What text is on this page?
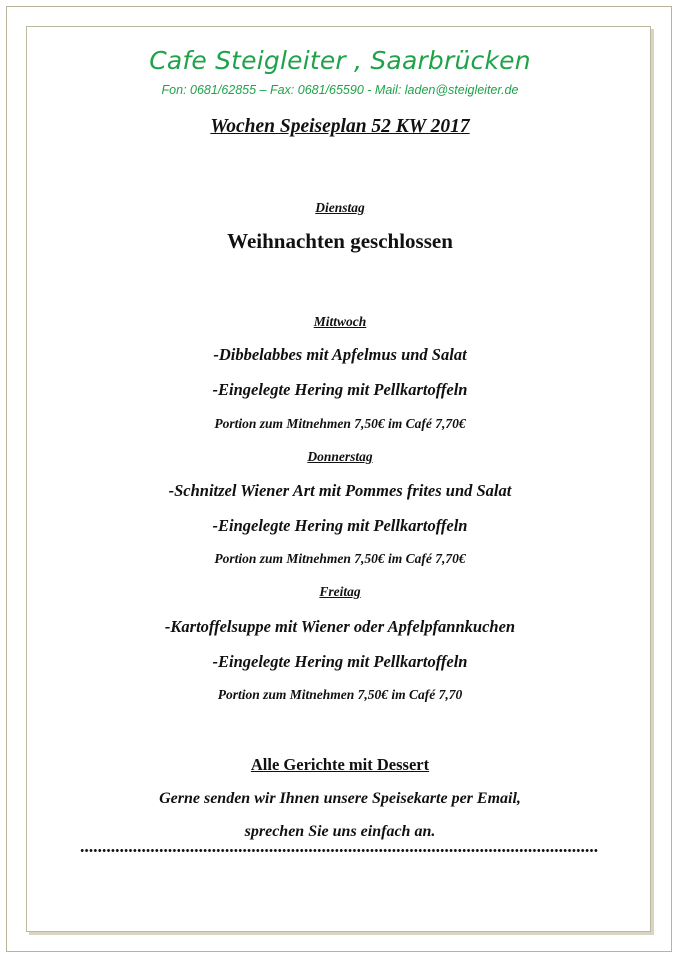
Cafe Steigleiter , Saarbrücken
Fon: 0681/62855 – Fax: 0681/65590 - Mail: laden@steigleiter.de
Wochen Speiseplan 52 KW 2017
Dienstag
Weihnachten geschlossen
Mittwoch
-Dibbelabbes mit Apfelmus und Salat
-Eingelegte Hering mit Pellkartoffeln
Portion zum Mitnehmen 7,50€ im Café 7,70€
Donnerstag
-Schnitzel Wiener Art mit Pommes frites und Salat
-Eingelegte Hering mit Pellkartoffeln
Portion zum Mitnehmen 7,50€ im Café 7,70€
Freitag
-Kartoffelsuppe mit Wiener oder Apfelpfannkuchen
-Eingelegte Hering mit Pellkartoffeln
Portion zum Mitnehmen 7,50€ im Café 7,70
Alle Gerichte mit Dessert
Gerne senden wir Ihnen unsere Speisekarte per Email,
sprechen Sie uns einfach an.
